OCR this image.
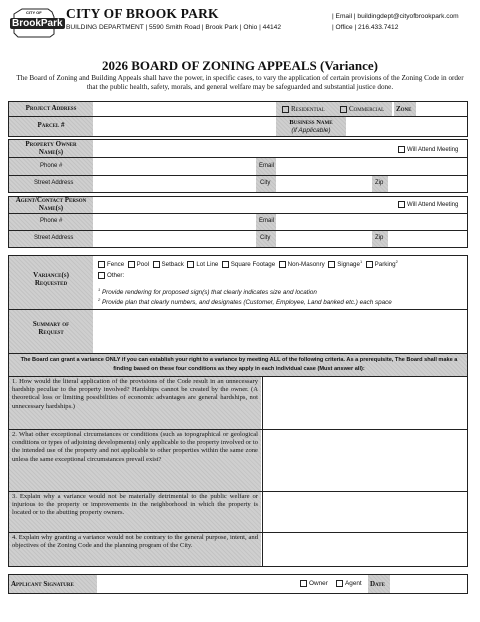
CITY OF
BrookPark
CITY OF BROOK PARK
BUILDING DEPARTMENT | 5590 Smith Road | Brook Park | Ohio | 44142
| Email | buildingdept@cityofbrookpark.com
| Office | 216.433.7412
2026 BOARD OF ZONING APPEALS (Variance)
The Board of Zoning and Building Appeals shall have the power, in specific cases, to vary the application of certain provisions of the Zoning Code in order that the public health, safety, morals, and general welfare may be safeguarded and substantial justice done.
Project Address	Residential	Commercial Zone
Parcel #	Business Name
(if Applicable)
Property Owner Name(s)	Will Attend Meeting
Phone #	Email
Street Address	City	Zip
Agent/Contact Person Name(s)	Will Attend Meeting
Phone #	Email
Street Address	City	Zip
Variance(s) Requested
Fence Pool Setback Lot Line Square Footage Non-Masonry Signage$^1$ Parking$^2$
Other:
$^1$ Provide rendering for proposed sign(s) that clearly indicates size and location
$^2$ Provide plan that clearly numbers, and designates (Customer, Employee, Land banked etc.) each space
Summary of Request
The Board can grant a variance ONLY if you can establish your right to a variance by meeting ALL of the following criteria. As a prerequisite, The Board shall make a finding based on these four conditions as they apply in each individual case (Must answer all):
1. How would the literal application of the provisions of the Code result in an unnecessary hardship peculiar to the property involved? Hardships cannot be created by the owner. (A theoretical loss or limiting possibilities of economic advantages are general hardships, not unnecessary hardships.)
2. What other exceptional circumstances or conditions (such as topographical or geological conditions or types of adjoining developments) only applicable to the property involved or to the intended use of the property and not applicable to other properties within the same zone unless the same exceptional circumstances prevail exist?
3. Explain why a variance would not be materially detrimental to the public welfare or injurious to the property or improvements in the neighborhood in which the property is located or to the abutting property owners.
4. Explain why granting a variance would not be contrary to the general purpose, intent, and objectives of the Zoning Code and the planning program of the City.
Applicant Signature	Owner	Agent Date
